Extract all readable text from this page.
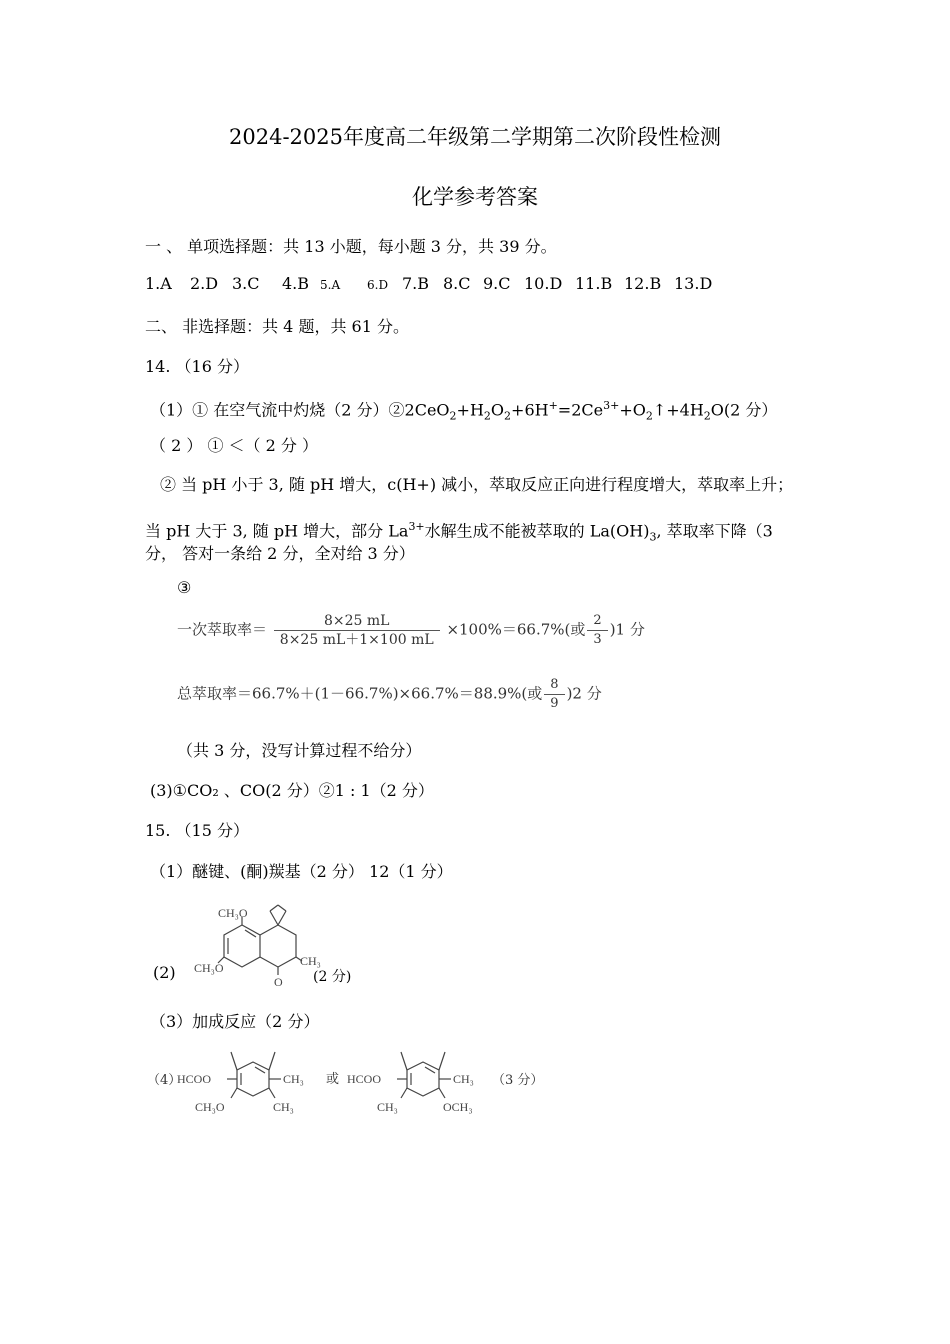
2024-2025年度高二年级第二学期第二次阶段性检测
化学参考答案
一 、 单项选择题：共 13 小题，每小题 3 分，共 39 分。
1.A 2.D 3.C 4.B 5.A 6.D 7.B 8.C 9.C 10.D 11.B 12.B 13.D
二、 非选择题：共 4 题，共 61 分。
14. （16 分）
（1）① 在空气流中灼烧（2 分）$②2CeO_2+H_2O_2+6H^+=2Ce^{3+}+O_2↑+4H_2O(2$ 分）
（ 2 ） ① ＜（ 2 分 ）
② 当 pH 小于 3, 随 pH 增大，c(H+) 减小，萃取反应正向进行程度增大，萃取率上升；
当 pH 大于 3, 随 pH 增大，部分 $La^{3+}$水解生成不能被萃取的 $La(OH)_3$, 萃取率下降（3
分， 答对一条给 2 分，全对给 3 分）
③
一次萃取率＝ $\frac{8\times 25 mL}{8\times 25 mL+1\times 100 mL} \times 100\%=66.7\%$(或 $\frac{2}{3} )1$ 分
总萃取率＝66.7%＋(1－66.7%)×66.7%＝88.9%(或 $\frac{8}{9} )2$ 分
（共 3 分，没写计算过程不给分）
(3)①CO₂ 、CO(2 分）②1 : 1（2 分）
15. （15 分）
（1）醚键、(酮)羰基（2 分） 12（1 分）
(2)
CH₃O
CH₃O	CH₃
O (2 分)
（3）加成反应（2 分）
（4）
HCOO	CH₃
CH₃O	CH₃
或 HCOO	CH₃
CH₃	OCH₃
（3 分）
